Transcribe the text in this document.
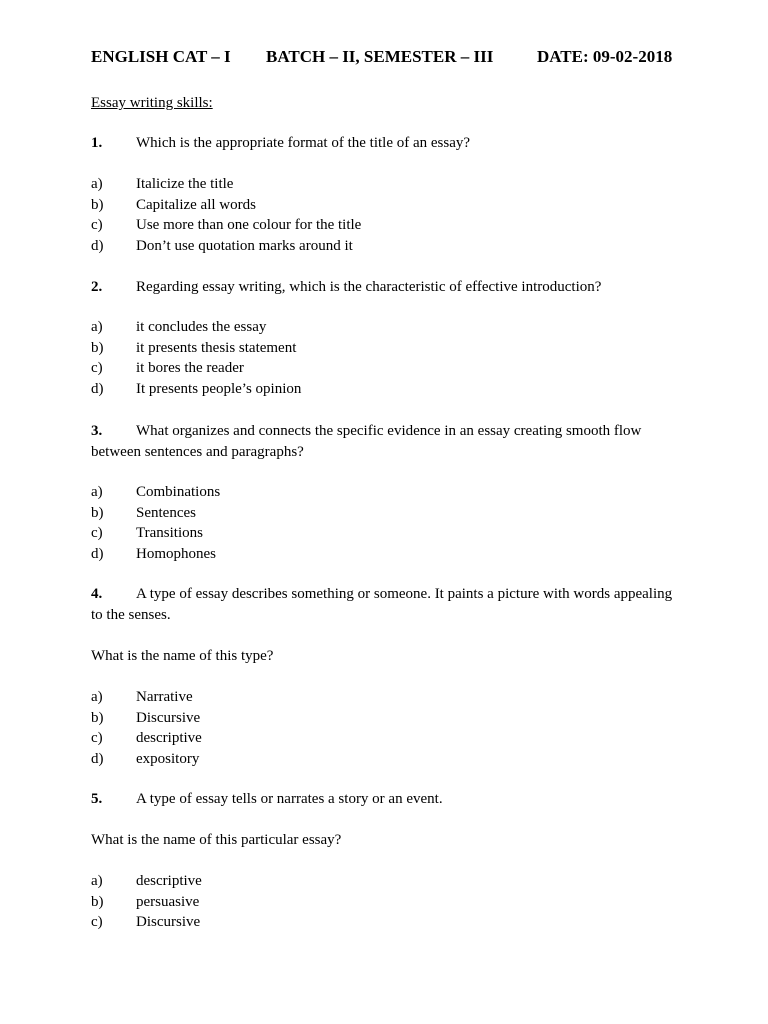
ENGLISH CAT – I BATCH – II, SEMESTER – III	DATE: 09-02-2018
Essay writing skills:
1. Which is the appropriate format of the title of an essay?
a) Italicize the title
b) Capitalize all words
c) Use more than one colour for the title
d) Don’t use quotation marks around it
2. Regarding essay writing, which is the characteristic of effective introduction?
a) it concludes the essay
b) it presents thesis statement
c) it bores the reader
d) It presents people’s opinion
3. What organizes and connects the specific evidence in an essay creating smooth flow between sentences and paragraphs?
a) Combinations
b) Sentences
c) Transitions
d) Homophones
4. A type of essay describes something or someone. It paints a picture with words appealing to the senses.
What is the name of this type?
a) Narrative
b) Discursive
c) descriptive
d) expository
5. A type of essay tells or narrates a story or an event.
What is the name of this particular essay?
a) descriptive
b) persuasive
c) Discursive
